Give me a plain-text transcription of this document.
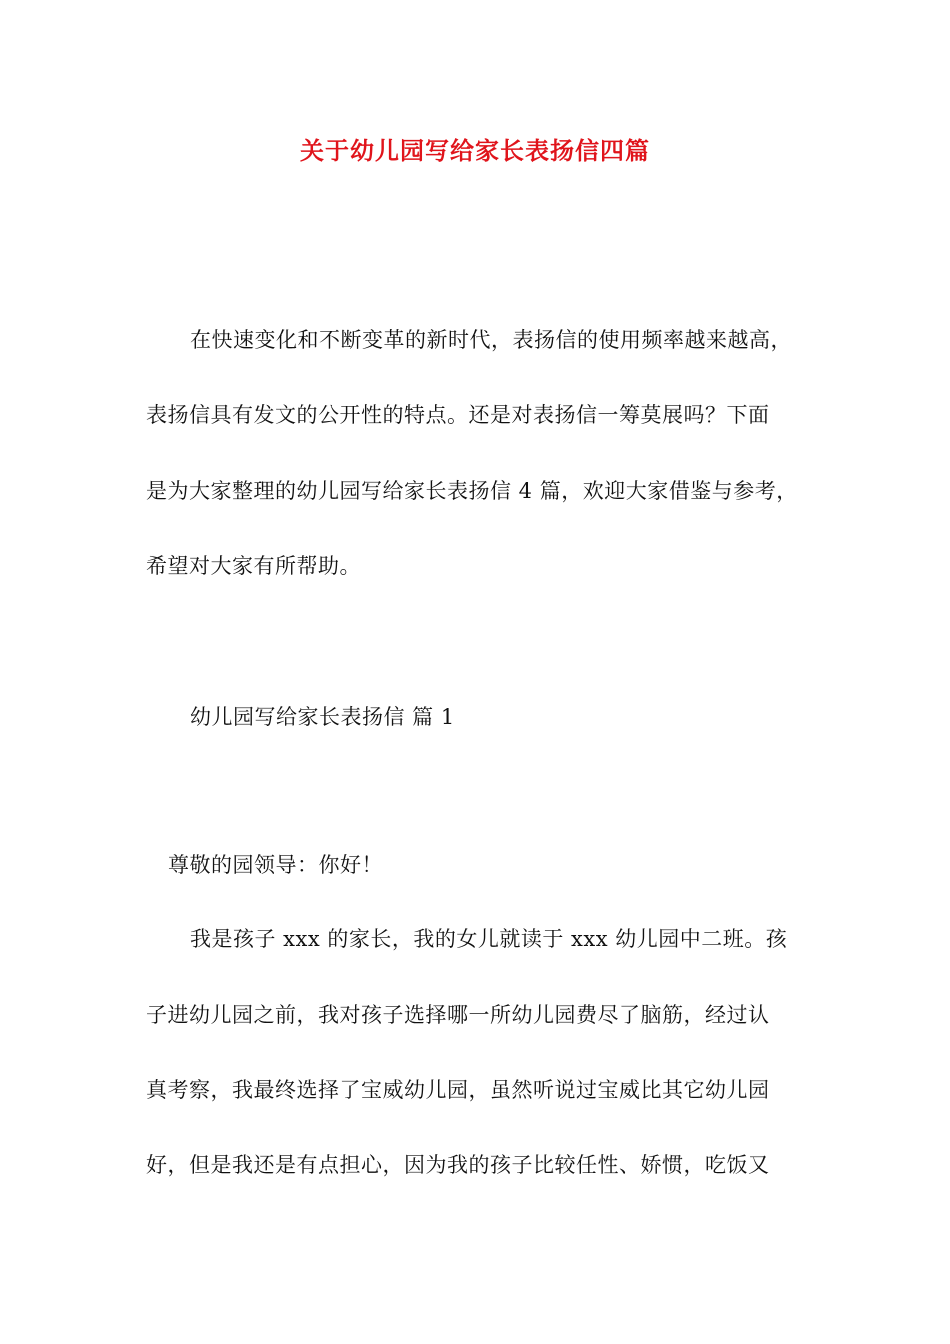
关于幼儿园写给家长表扬信四篇
在快速变化和不断变革的新时代，表扬信的使用频率越来越高，
表扬信具有发文的公开性的特点。还是对表扬信一筹莫展吗？下面
是为大家整理的幼儿园写给家长表扬信 4 篇，欢迎大家借鉴与参考，
希望对大家有所帮助。
幼儿园写给家长表扬信 篇 1
尊敬的园领导：你好！
我是孩子 xxx 的家长，我的女儿就读于 xxx 幼儿园中二班。孩
子进幼儿园之前，我对孩子选择哪一所幼儿园费尽了脑筋，经过认
真考察，我最终选择了宝威幼儿园，虽然听说过宝威比其它幼儿园
好，但是我还是有点担心，因为我的孩子比较任性、娇惯，吃饭又
